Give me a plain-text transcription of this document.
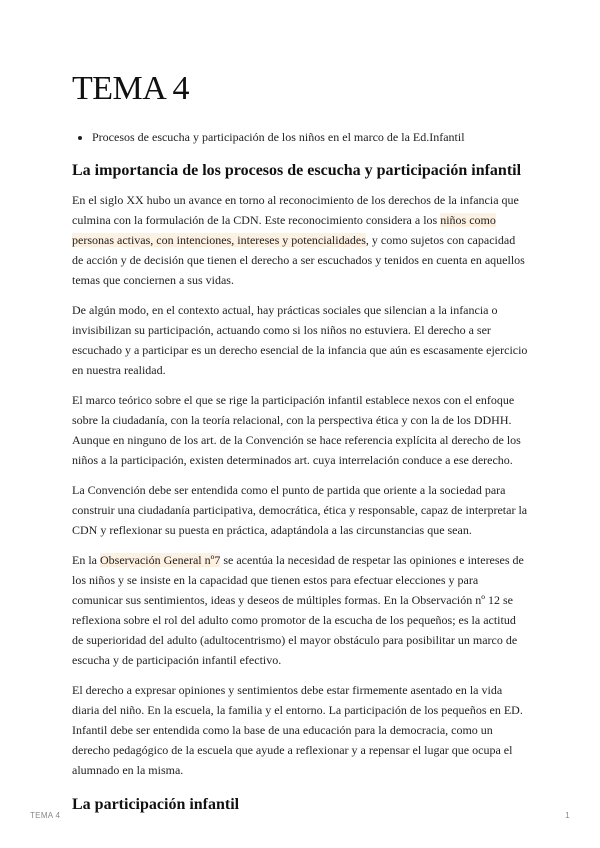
TEMA 4
• Procesos de escucha y participación de los niños en el marco de la Ed.Infantil
La importancia de los procesos de escucha y participación infantil

En el siglo XX hubo un avance en torno al reconocimiento de los derechos de la infancia que culmina con la formulación de la CDN. Este reconocimiento considera a los niños como personas activas, con intenciones, intereses y potencialidades, y como sujetos con capacidad de acción y de decisión que tienen el derecho a ser escuchados y tenidos en cuenta en aquellos temas que conciernen a sus vidas.

De algún modo, en el contexto actual, hay prácticas sociales que silencian a la infancia o invisibilizan su participación, actuando como si los niños no estuviera. El derecho a ser escuchado y a participar es un derecho esencial de la infancia que aún es escasamente ejercicio en nuestra realidad.

El marco teórico sobre el que se rige la participación infantil establece nexos con el enfoque sobre la ciudadanía, con la teoría relacional, con la perspectiva ética y con la de los DDHH. Aunque en ninguno de los art. de la Convención se hace referencia explícita al derecho de los niños a la participación, existen determinados art. cuya interrelación conduce a ese derecho.

La Convención debe ser entendida como el punto de partida que oriente a la sociedad para construir una ciudadanía participativa, democrática, ética y responsable, capaz de interpretar la CDN y reflexionar su puesta en práctica, adaptándola a las circunstancias que sean.

En la Observación General nº7 se acentúa la necesidad de respetar las opiniones e intereses de los niños y se insiste en la capacidad que tienen estos para efectuar elecciones y para comunicar sus sentimientos, ideas y deseos de múltiples formas. En la Observación nº 12 se reflexiona sobre el rol del adulto como promotor de la escucha de los pequeños; es la actitud de superioridad del adulto (adultocentrismo) el mayor obstáculo para posibilitar un marco de escucha y de participación infantil efectivo.

El derecho a expresar opiniones y sentimientos debe estar firmemente asentado en la vida diaria del niño. En la escuela, la familia y el entorno. La participación de los pequeños en ED. Infantil debe ser entendida como la base de una educación para la democracia, como un derecho pedagógico de la escuela que ayude a reflexionar y a repensar el lugar que ocupa el alumnado en la misma.

La participación infantil
TEMA 4	1
